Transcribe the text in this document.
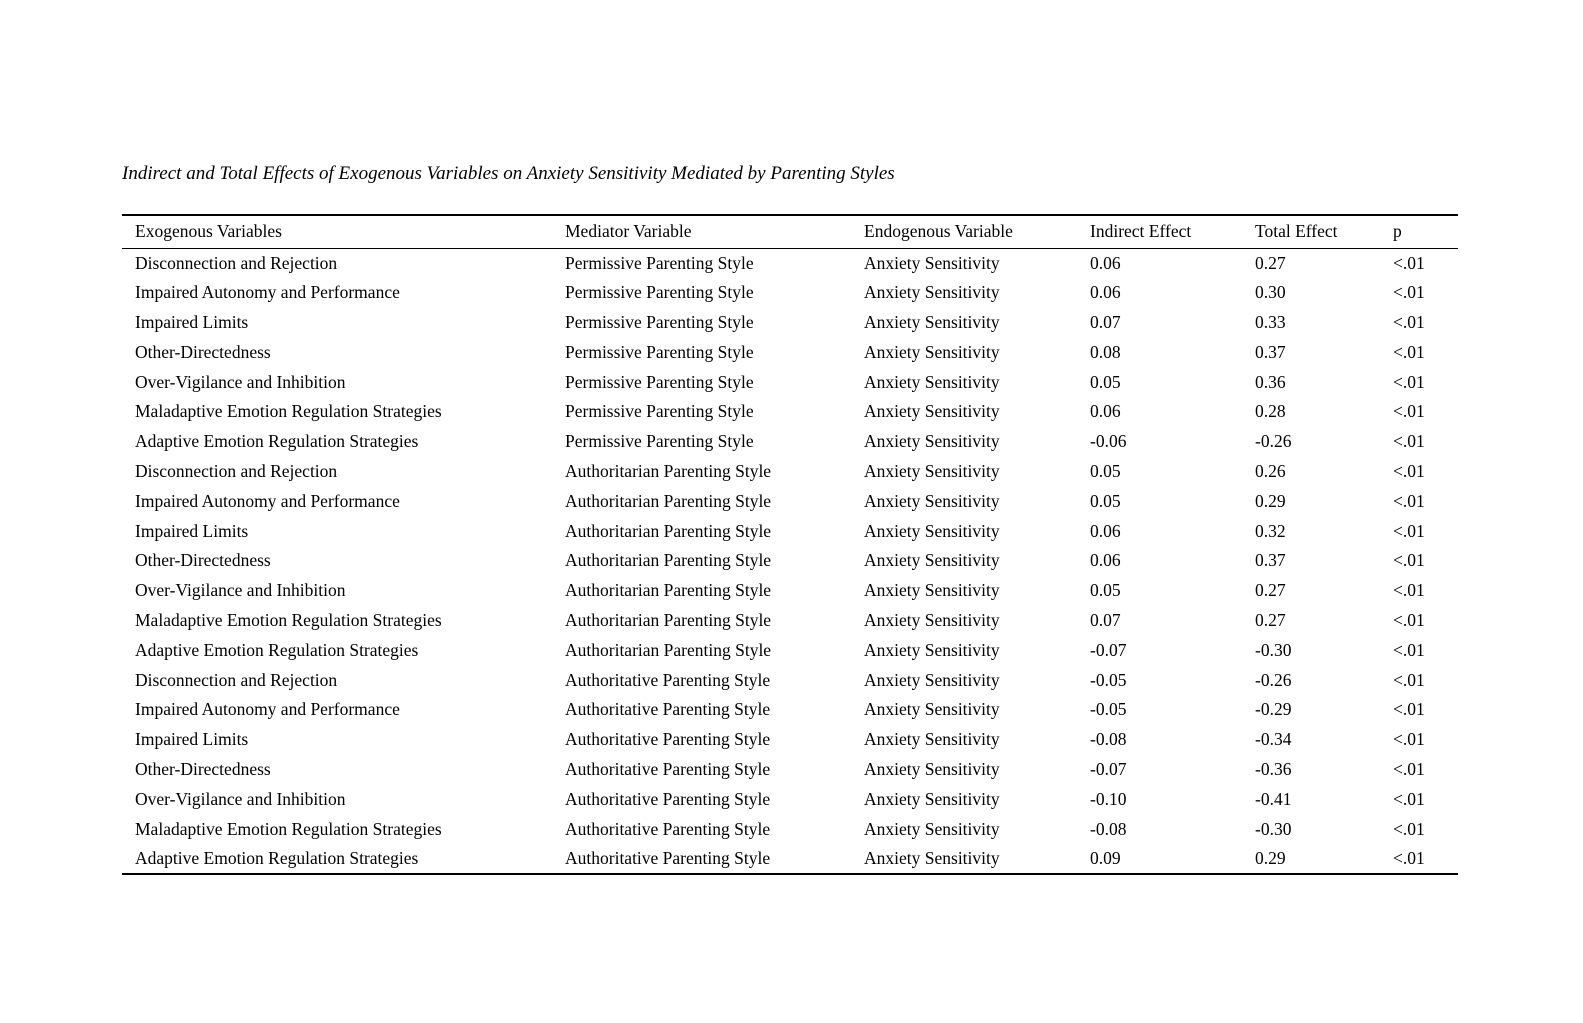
Indirect and Total Effects of Exogenous Variables on Anxiety Sensitivity Mediated by Parenting Styles
Exogenous Variables	Mediator Variable	Endogenous Variable	Indirect Effect	Total Effect	p
Disconnection and Rejection	Permissive Parenting Style	Anxiety Sensitivity	0.06	0.27	<.01
Impaired Autonomy and Performance	Permissive Parenting Style	Anxiety Sensitivity	0.06	0.30	<.01
Impaired Limits	Permissive Parenting Style	Anxiety Sensitivity	0.07	0.33	<.01
Other-Directedness	Permissive Parenting Style	Anxiety Sensitivity	0.08	0.37	<.01
Over-Vigilance and Inhibition	Permissive Parenting Style	Anxiety Sensitivity	0.05	0.36	<.01
Maladaptive Emotion Regulation Strategies	Permissive Parenting Style	Anxiety Sensitivity	0.06	0.28	<.01
Adaptive Emotion Regulation Strategies	Permissive Parenting Style	Anxiety Sensitivity	-0.06	-0.26	<.01
Disconnection and Rejection	Authoritarian Parenting Style	Anxiety Sensitivity	0.05	0.26	<.01
Impaired Autonomy and Performance	Authoritarian Parenting Style	Anxiety Sensitivity	0.05	0.29	<.01
Impaired Limits	Authoritarian Parenting Style	Anxiety Sensitivity	0.06	0.32	<.01
Other-Directedness	Authoritarian Parenting Style	Anxiety Sensitivity	0.06	0.37	<.01
Over-Vigilance and Inhibition	Authoritarian Parenting Style	Anxiety Sensitivity	0.05	0.27	<.01
Maladaptive Emotion Regulation Strategies	Authoritarian Parenting Style	Anxiety Sensitivity	0.07	0.27	<.01
Adaptive Emotion Regulation Strategies	Authoritarian Parenting Style	Anxiety Sensitivity	-0.07	-0.30	<.01
Disconnection and Rejection	Authoritative Parenting Style	Anxiety Sensitivity	-0.05	-0.26	<.01
Impaired Autonomy and Performance	Authoritative Parenting Style	Anxiety Sensitivity	-0.05	-0.29	<.01
Impaired Limits	Authoritative Parenting Style	Anxiety Sensitivity	-0.08	-0.34	<.01
Other-Directedness	Authoritative Parenting Style	Anxiety Sensitivity	-0.07	-0.36	<.01
Over-Vigilance and Inhibition	Authoritative Parenting Style	Anxiety Sensitivity	-0.10	-0.41	<.01
Maladaptive Emotion Regulation Strategies	Authoritative Parenting Style	Anxiety Sensitivity	-0.08	-0.30	<.01
Adaptive Emotion Regulation Strategies	Authoritative Parenting Style	Anxiety Sensitivity	0.09	0.29	<.01
